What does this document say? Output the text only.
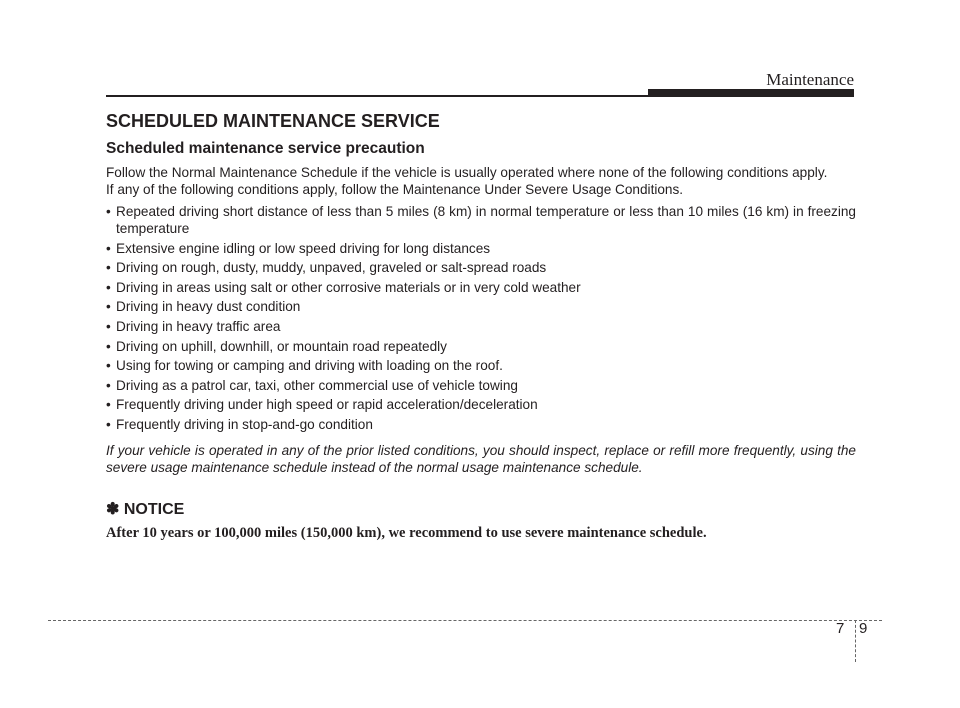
Maintenance
SCHEDULED MAINTENANCE SERVICE
Scheduled maintenance service precaution

Follow the Normal Maintenance Schedule if the vehicle is usually operated where none of the following conditions apply.
If any of the following conditions apply, follow the Maintenance Under Severe Usage Conditions.

• Repeated driving short distance of less than 5 miles (8 km) in normal temperature or less than 10 miles (16 km) in freezing temperature
• Extensive engine idling or low speed driving for long distances
• Driving on rough, dusty, muddy, unpaved, graveled or salt-spread roads
• Driving in areas using salt or other corrosive materials or in very cold weather
• Driving in heavy dust condition
• Driving in heavy traffic area
• Driving on uphill, downhill, or mountain road repeatedly
• Using for towing or camping and driving with loading on the roof.
• Driving as a patrol car, taxi, other commercial use of vehicle towing
• Frequently driving under high speed or rapid acceleration/deceleration
• Frequently driving in stop-and-go condition

If your vehicle is operated in any of the prior listed conditions, you should inspect, replace or refill more frequently, using the severe usage maintenance schedule instead of the normal usage maintenance schedule.

✽ NOTICE

After 10 years or 100,000 miles (150,000 km), we recommend to use severe maintenance schedule.

7 9
